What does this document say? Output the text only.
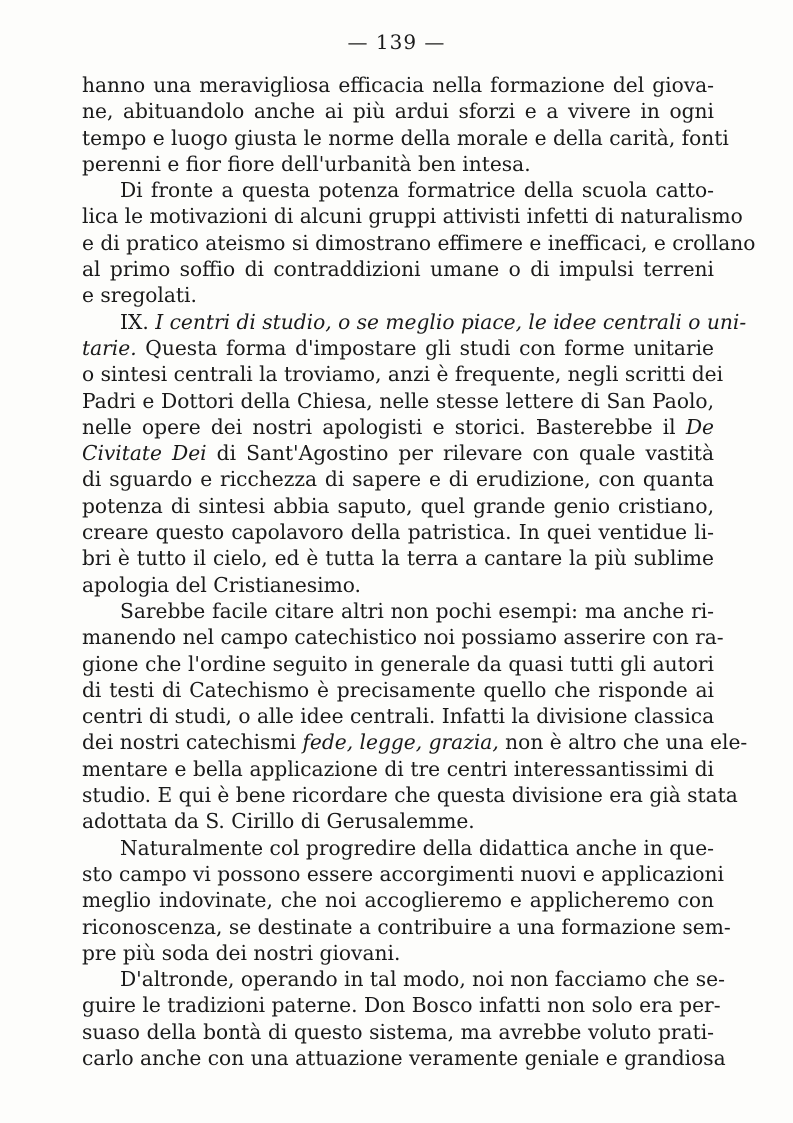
— 139 —
hanno una meravigliosa efficacia nella formazione del giova-
ne, abituandolo anche ai più ardui sforzi e a vivere in ogni
tempo e luogo giusta le norme della morale e della carità, fonti
perenni e fior fiore dell'urbanità ben intesa.
Di fronte a questa potenza formatrice della scuola catto-
lica le motivazioni di alcuni gruppi attivisti infetti di naturalismo
e di pratico ateismo si dimostrano effimere e inefficaci, e crollano
al primo soffio di contraddizioni umane o di impulsi terreni
e sregolati.
IX. I centri di studio, o se meglio piace, le idee centrali o uni-
tarie. Questa forma d'impostare gli studi con forme unitarie
o sintesi centrali la troviamo, anzi è frequente, negli scritti dei
Padri e Dottori della Chiesa, nelle stesse lettere di San Paolo,
nelle opere dei nostri apologisti e storici. Basterebbe il De
Civitate Dei di Sant'Agostino per rilevare con quale vastità
di sguardo e ricchezza di sapere e di erudizione, con quanta
potenza di sintesi abbia saputo, quel grande genio cristiano,
creare questo capolavoro della patristica. In quei ventidue li-
bri è tutto il cielo, ed è tutta la terra a cantare la più sublime
apologia del Cristianesimo.
Sarebbe facile citare altri non pochi esempi: ma anche ri-
manendo nel campo catechistico noi possiamo asserire con ra-
gione che l'ordine seguito in generale da quasi tutti gli autori
di testi di Catechismo è precisamente quello che risponde ai
centri di studi, o alle idee centrali. Infatti la divisione classica
dei nostri catechismi fede, legge, grazia, non è altro che una ele-
mentare e bella applicazione di tre centri interessantissimi di
studio. E qui è bene ricordare che questa divisione era già stata
adottata da S. Cirillo di Gerusalemme.
Naturalmente col progredire della didattica anche in que-
sto campo vi possono essere accorgimenti nuovi e applicazioni
meglio indovinate, che noi accoglieremo e applicheremo con
riconoscenza, se destinate a contribuire a una formazione sem-
pre più soda dei nostri giovani.
D'altronde, operando in tal modo, noi non facciamo che se-
guire le tradizioni paterne. Don Bosco infatti non solo era per-
suaso della bontà di questo sistema, ma avrebbe voluto prati-
carlo anche con una attuazione veramente geniale e grandiosa
